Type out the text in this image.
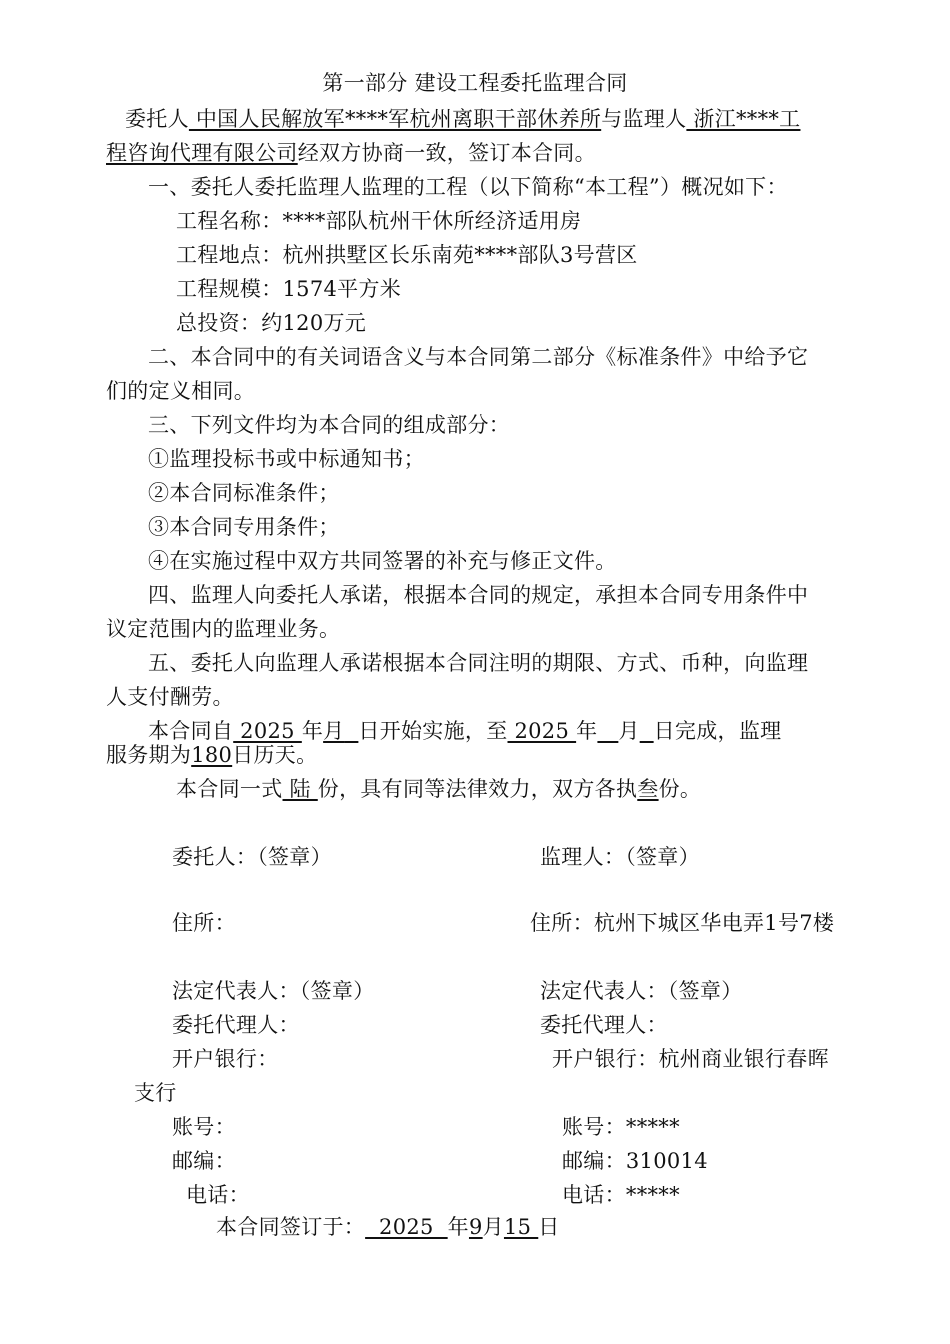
第一部分 建设工程委托监理合同
委托人 中国人民解放军****军杭州离职干部休养所与监理人 浙江****工
程咨询代理有限公司经双方协商一致，签订本合同。
一、委托人委托监理人监理的工程（以下简称“本工程”）概况如下：
工程名称：****部队杭州干休所经济适用房
工程地点：杭州拱墅区长乐南苑****部队3号营区
工程规模：1574平方米
总投资：约120万元
二、本合同中的有关词语含义与本合同第二部分《标准条件》中给予它
们的定义相同。
三、下列文件均为本合同的组成部分：
①监理投标书或中标通知书；
②本合同标准条件；
③本合同专用条件；
④在实施过程中双方共同签署的补充与修正文件。
四、监理人向委托人承诺，根据本合同的规定，承担本合同专用条件中
议定范围内的监理业务。
五、委托人向监理人承诺根据本合同注明的期限、方式、币种，向监理
人支付酬劳。
本合同自 2025 年月 日开始实施，至 2025 年 月 日完成，监理
服务期为180日历天。
本合同一式 陆 份，具有同等法律效力，双方各执叁份。
委托人：（签章）	监理人：（签章）
住所：	住所：杭州下城区华电弄1号7楼
法定代表人：（签章）	法定代表人：（签章）
委托代理人：	委托代理人：
开户银行：	开户银行：杭州商业银行春晖
支行
账号：	账号：*****
邮编：	邮编：310014
电话：	电话：*****
本合同签订于：  2025  年9月15 日
